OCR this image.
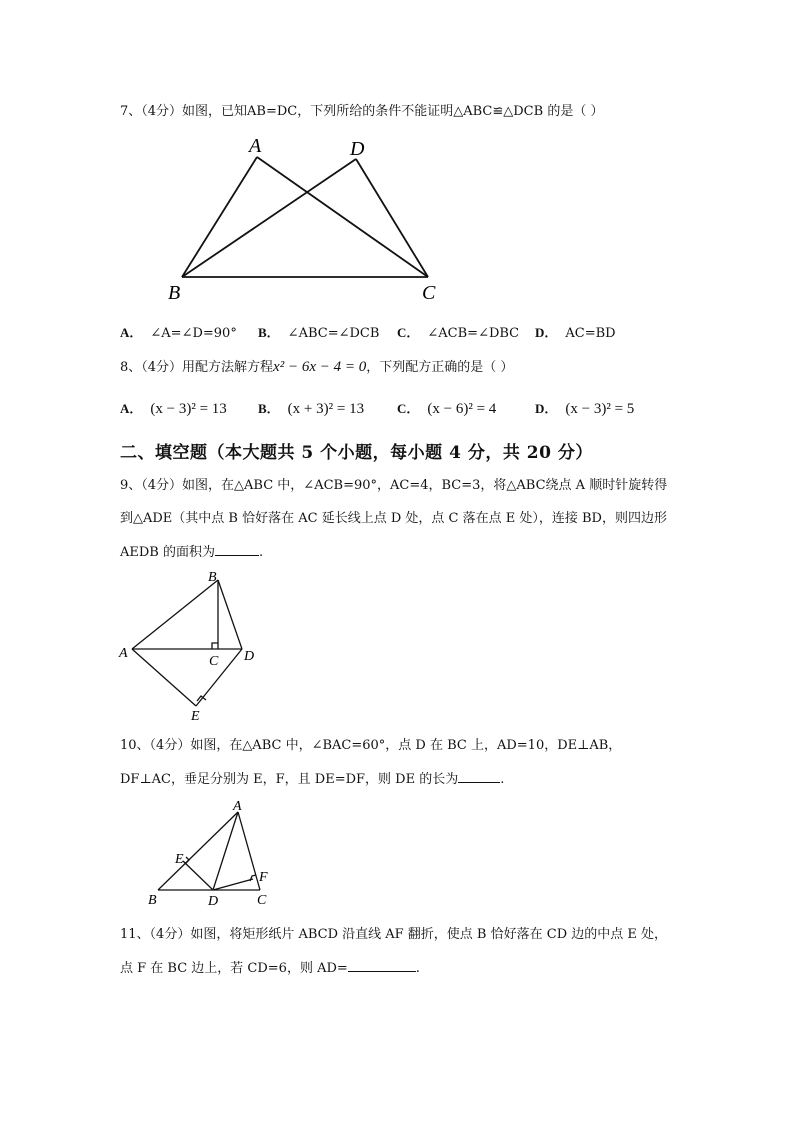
7、（4分）如图，已知AB=DC，下列所给的条件不能证明△ABC≌△DCB 的是（ ）
A	D
B	C
A． ∠A=∠D=90° B． ∠ABC=∠DCB C． ∠ACB=∠DBC D． AC=BD
8、（4分）用配方法解方程x² − 6x − 4 = 0，下列配方正确的是（ ）
A． (x − 3)² = 13 B． (x + 3)² = 13	C． (x − 6)² = 4	D． (x − 3)² = 5
二、填空题（本大题共 5 个小题，每小题 4 分，共 20 分）
9、（4分）如图，在△ABC 中，∠ACB=90°，AC=4，BC=3，将△ABC绕点 A 顺时针旋转得
到△ADE（其中点 B 恰好落在 AC 延长线上点 D 处，点 C 落在点 E 处），连接 BD，则四边形
AEDB 的面积为	.
B
A
C D
E
10、（4分）如图，在△ABC 中，∠BAC=60°，点 D 在 BC 上，AD=10，DE⊥AB，
DF⊥AC，垂足分别为 E，F，且 DE=DF，则 DE 的长为	.
A
E
F
B	D	C
11、（4分）如图，将矩形纸片 ABCD 沿直线 AF 翻折，使点 B 恰好落在 CD 边的中点 E 处，
点 F 在 BC 边上，若 CD=6，则 AD=	.
